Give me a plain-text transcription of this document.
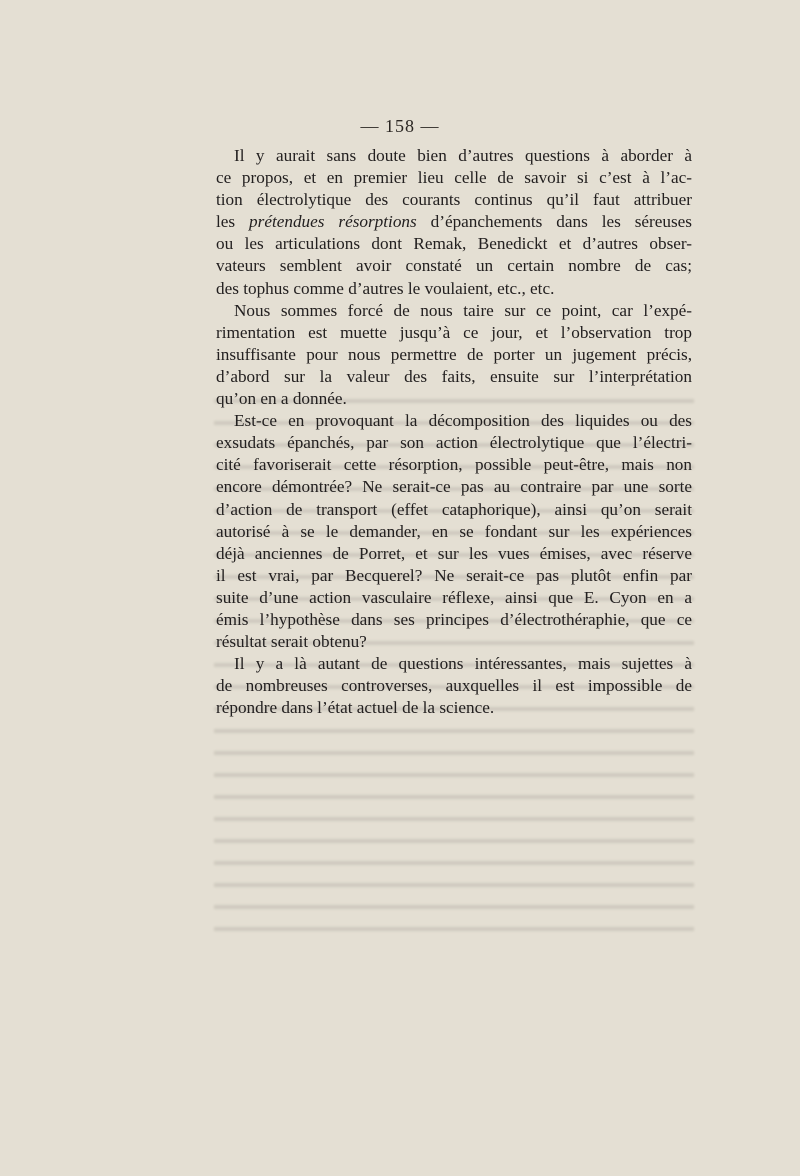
— 158 —
Il y aurait sans doute bien d’autres questions à aborder à
ce propos, et en premier lieu celle de savoir si c’est à l’ac-
tion électrolytique des courants continus qu’il faut attribuer
les prétendues résorptions d’épanchements dans les séreuses
ou les articulations dont Remak, Benedickt et d’autres obser-
vateurs semblent avoir constaté un certain nombre de cas;
des tophus comme d’autres le voulaient, etc., etc.
Nous sommes forcé de nous taire sur ce point, car l’expé-
rimentation est muette jusqu’à ce jour, et l’observation trop
insuffisante pour nous permettre de porter un jugement précis,
d’abord sur la valeur des faits, ensuite sur l’interprétation
qu’on en a donnée.
Est-ce en provoquant la décomposition des liquides ou des
exsudats épanchés, par son action électrolytique que l’électri-
cité favoriserait cette résorption, possible peut-être, mais non
encore démontrée? Ne serait-ce pas au contraire par une sorte
d’action de transport (effet cataphorique), ainsi qu’on serait
autorisé à se le demander, en se fondant sur les expériences
déjà anciennes de Porret, et sur les vues émises, avec réserve
il est vrai, par Becquerel? Ne serait-ce pas plutôt enfin par
suite d’une action vasculaire réflexe, ainsi que E. Cyon en a
émis l’hypothèse dans ses principes d’électrothéraphie, que ce
résultat serait obtenu?
Il y a là autant de questions intéressantes, mais sujettes à
de nombreuses controverses, auxquelles il est impossible de
répondre dans l’état actuel de la science.
